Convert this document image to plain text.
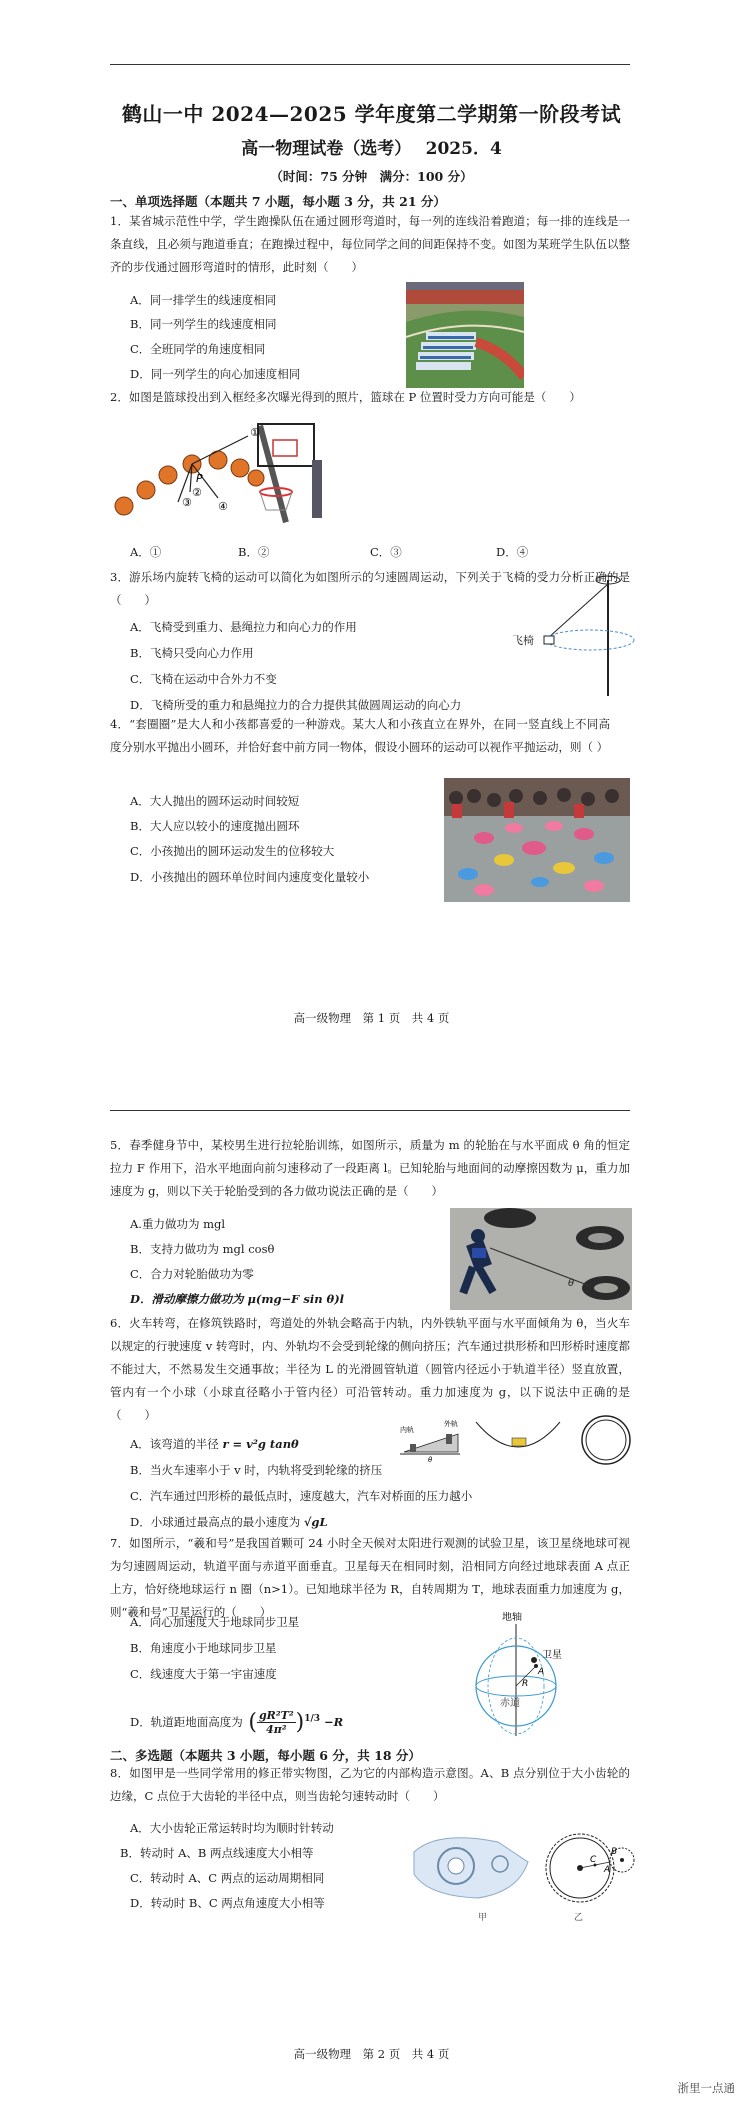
鹤山一中 2024—2025 学年度第二学期第一阶段考试
高一物理试卷（选考）　 2025．4
（时间：75 分钟　满分：100 分）
一、单项选择题（本题共 7 小题，每小题 3 分，共 21 分）
1．某省城示范性中学，学生跑操队伍在通过圆形弯道时，每一列的连线沿着跑道；每一排的连线是一条直线，且必须与跑道垂直；在跑操过程中，每位同学之间的间距保持不变。如图为某班学生队伍以整齐的步伐通过圆形弯道时的情形，此时刻（　　）
A．同一排学生的线速度相同
B．同一列学生的线速度相同
C．全班同学的角速度相同
D．同一列学生的向心加速度相同
2．如图是篮球投出到入框经多次曝光得到的照片，篮球在 P 位置时受力方向可能是（　　）
①
③
②
④
P
A．①	B．②	C．③	D．④
3．游乐场内旋转飞椅的运动可以简化为如图所示的匀速圆周运动，下列关于飞椅的受力分析正确的是（　　）
A．飞椅受到重力、悬绳拉力和向心力的作用
B．飞椅只受向心力作用
C．飞椅在运动中合外力不变
D．飞椅所受的重力和悬绳拉力的合力提供其做圆周运动的向心力
飞椅
4．“套圈圈”是大人和小孩都喜爱的一种游戏。某大人和小孩直立在界外，在同一竖直线上不同高度分别水平抛出小圆环，并恰好套中前方同一物体，假设小圆环的运动可以视作平抛运动，则（ ）
A．大人抛出的圆环运动时间较短
B．大人应以较小的速度抛出圆环
C．小孩抛出的圆环运动发生的位移较大
D．小孩抛出的圆环单位时间内速度变化量较小
高一级物理　第 1 页　共 4 页
5．春季健身节中，某校男生进行拉轮胎训练，如图所示，质量为 m 的轮胎在与水平面成 θ 角的恒定拉力 F 作用下，沿水平地面向前匀速移动了一段距离 l。已知轮胎与地面间的动摩擦因数为 μ，重力加速度为 g，则以下关于轮胎受到的各力做功说法正确的是（　　）
A.重力做功为 mgl
B．支持力做功为 mgl cosθ
C．合力对轮胎做功为零
D．滑动摩擦力做功为 μ(mg−F sin θ)l
θ
6．火车转弯，在修筑铁路时，弯道处的外轨会略高于内轨，内外铁轨平面与水平面倾角为 θ，当火车以规定的行驶速度 v 转弯时，内、外轨均不会受到轮缘的侧向挤压；汽车通过拱形桥和凹形桥时速度都不能过大，不然易发生交通事故；半径为 L 的光滑圆管轨道（圆管内径远小于轨道半径）竖直放置，管内有一个小球（小球直径略小于管内径）可沿管转动。重力加速度为 g，以下说法中正确的是（　　）
A．该弯道的半径 r = v²g tanθ
B．当火车速率小于 v 时，内轨将受到轮缘的挤压
C．汽车通过凹形桥的最低点时，速度越大，汽车对桥面的压力越小
D．小球通过最高点的最小速度为 √gL
内轨
外轨
θ
7．如图所示，“羲和号”是我国首颗可 24 小时全天候对太阳进行观测的试验卫星，该卫星绕地球可视为匀速圆周运动，轨道平面与赤道平面垂直。卫星每天在相同时刻，沿相同方向经过地球表面 A 点正上方，恰好绕地球运行 n 圈（n>1）。已知地球半径为 R，自转周期为 T，地球表面重力加速度为 g，则“羲和号”卫星运行的（　　）
A．向心加速度大于地球同步卫星
B．角速度小于地球同步卫星
C．线速度大于第一宇宙速度
D．轨道距地面高度为 ( $\frac{\text{gR²T²}}{\text{4π²}} )^{1/3} -R$
地轴
卫星
赤道
A
R
二、多选题（本题共 3 小题，每小题 6 分，共 18 分）
8．如图甲是一些同学常用的修正带实物图，乙为它的内部构造示意图。A、B 点分别位于大小齿轮的边缘，C 点位于大齿轮的半径中点，则当齿轮匀速转动时（　　）
A．大小齿轮正常运转时均为顺时针转动
B．转动时 A、B 两点线速度大小相等
C．转动时 A、C 两点的运动周期相同
D．转动时 B、C 两点角速度大小相等
甲
A
B
C
乙
高一级物理　第 2 页　共 4 页
浙里一点通
